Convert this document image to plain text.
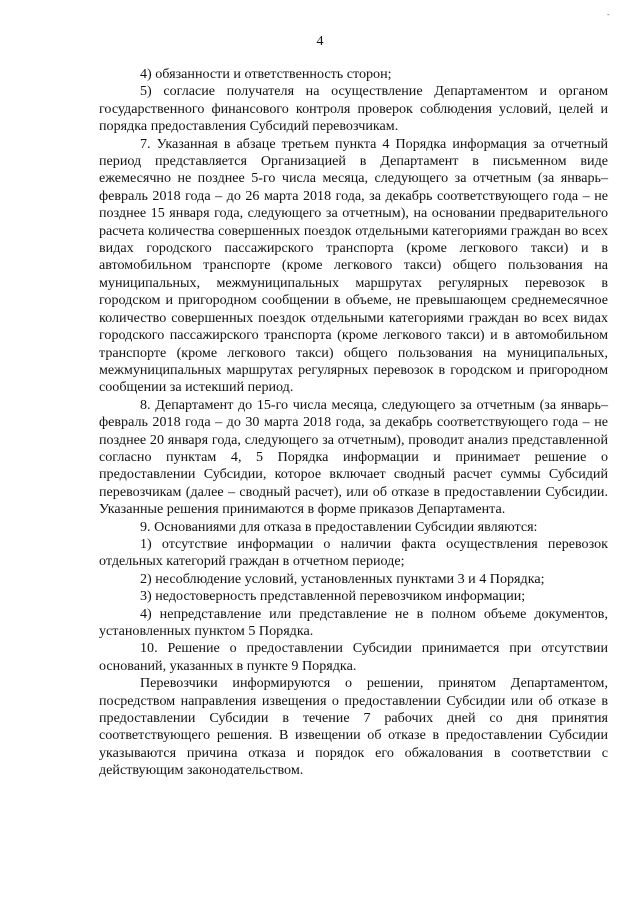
-
4

4) обязанности и ответственность сторон;

5) согласие получателя на осуществление Департаментом и органом государственного финансового контроля проверок соблюдения условий, целей и порядка предоставления Субсидий перевозчикам.

7. Указанная в абзаце третьем пункта 4 Порядка информация за отчетный период представляется Организацией в Департамент в письменном виде ежемесячно не позднее 5-го числа месяца, следующего за отчетным (за январь–февраль 2018 года – до 26 марта 2018 года, за декабрь соответствующего года – не позднее 15 января года, следующего за отчетным), на основании предварительного расчета количества совершенных поездок отдельными категориями граждан во всех видах городского пассажирского транспорта (кроме легкового такси) и в автомобильном транспорте (кроме легкового такси) общего пользования на муниципальных, межмуниципальных маршрутах регулярных перевозок в городском и пригородном сообщении в объеме, не превышающем среднемесячное количество совершенных поездок отдельными категориями граждан во всех видах городского пассажирского транспорта (кроме легкового такси) и в автомобильном транспорте (кроме легкового такси) общего пользования на муниципальных, межмуниципальных маршрутах регулярных перевозок в городском и пригородном сообщении за истекший период.

8. Департамент до 15-го числа месяца, следующего за отчетным (за январь–февраль 2018 года – до 30 марта 2018 года, за декабрь соответствующего года – не позднее 20 января года, следующего за отчетным), проводит анализ представленной согласно пунктам 4, 5 Порядка информации и принимает решение о предоставлении Субсидии, которое включает сводный расчет суммы Субсидий перевозчикам (далее – сводный расчет), или об отказе в предоставлении Субсидии. Указанные решения принимаются в форме приказов Департамента.

9. Основаниями для отказа в предоставлении Субсидии являются:

1) отсутствие информации о наличии факта осуществления перевозок отдельных категорий граждан в отчетном периоде;

2) несоблюдение условий, установленных пунктами 3 и 4 Порядка;

3) недостоверность представленной перевозчиком информации;

4) непредставление или представление не в полном объеме документов, установленных пунктом 5 Порядка.

10. Решение о предоставлении Субсидии принимается при отсутствии оснований, указанных в пункте 9 Порядка.

Перевозчики информируются о решении, принятом Департаментом, посредством направления извещения о предоставлении Субсидии или об отказе в предоставлении Субсидии в течение 7 рабочих дней со дня принятия соответствующего решения. В извещении об отказе в предоставлении Субсидии указываются причина отказа и порядок его обжалования в соответствии с действующим законодательством.
